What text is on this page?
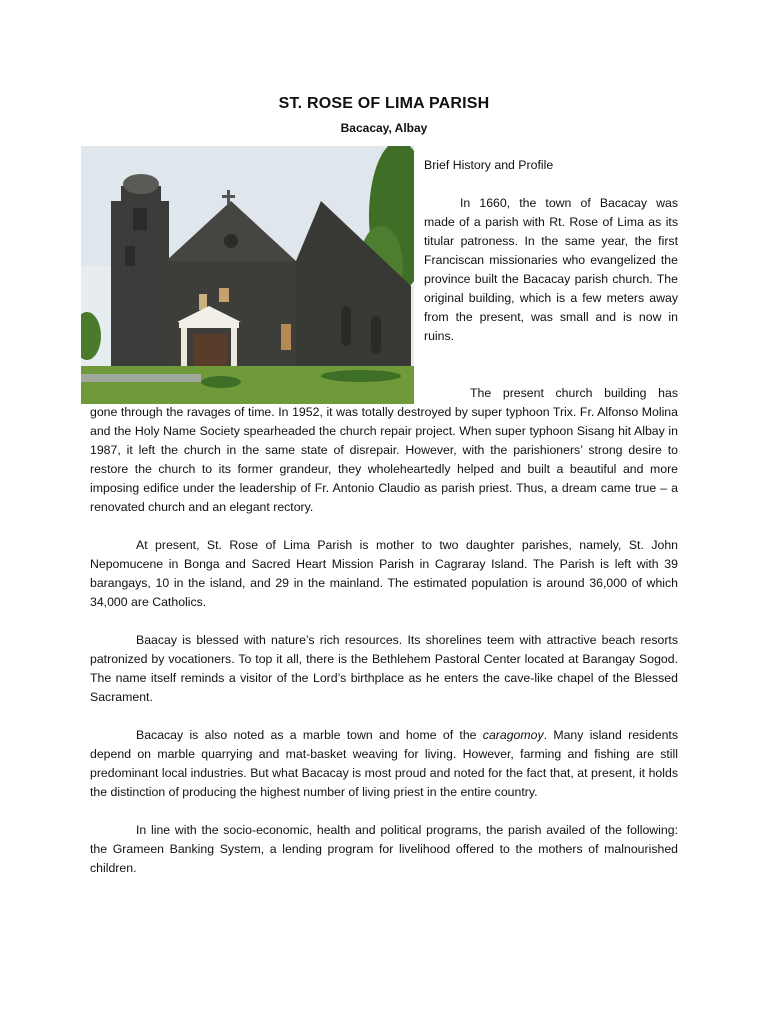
ST. ROSE OF LIMA PARISH
Bacacay, Albay
Brief History and Profile

In 1660, the town of Bacacay was made of a parish with Rt. Rose of Lima as its titular patroness. In the same year, the first Franciscan missionaries who evangelized the province built the Bacacay parish church. The original building, which is a few meters away from the present, was small and is now in ruins.

The present church building has
gone through the ravages of time. In 1952, it was totally destroyed by super typhoon Trix. Fr. Alfonso Molina and the Holy Name Society spearheaded the church repair project. When super typhoon Sisang hit Albay in 1987, it left the church in the same state of disrepair. However, with the parishioners’ strong desire to restore the church to its former grandeur, they wholeheartedly helped and built a beautiful and more imposing edifice under the leadership of Fr. Antonio Claudio as parish priest. Thus, a dream came true – a renovated church and an elegant rectory.

At present, St. Rose of Lima Parish is mother to two daughter parishes, namely, St. John Nepomucene in Bonga and Sacred Heart Mission Parish in Cagraray Island. The Parish is left with 39 barangays, 10 in the island, and 29 in the mainland. The estimated population is around 36,000 of which 34,000 are Catholics.

Baacay is blessed with nature’s rich resources. Its shorelines teem with attractive beach resorts patronized by vocationers. To top it all, there is the Bethlehem Pastoral Center located at Barangay Sogod. The name itself reminds a visitor of the Lord’s birthplace as he enters the cave-like chapel of the Blessed Sacrament.

Bacacay is also noted as a marble town and home of the caragomoy. Many island residents depend on marble quarrying and mat-basket weaving for living. However, farming and fishing are still predominant local industries. But what Bacacay is most proud and noted for the fact that, at present, it holds the distinction of producing the highest number of living priest in the entire country.

In line with the socio-economic, health and political programs, the parish availed of the following: the Grameen Banking System, a lending program for livelihood offered to the mothers of malnourished children.
